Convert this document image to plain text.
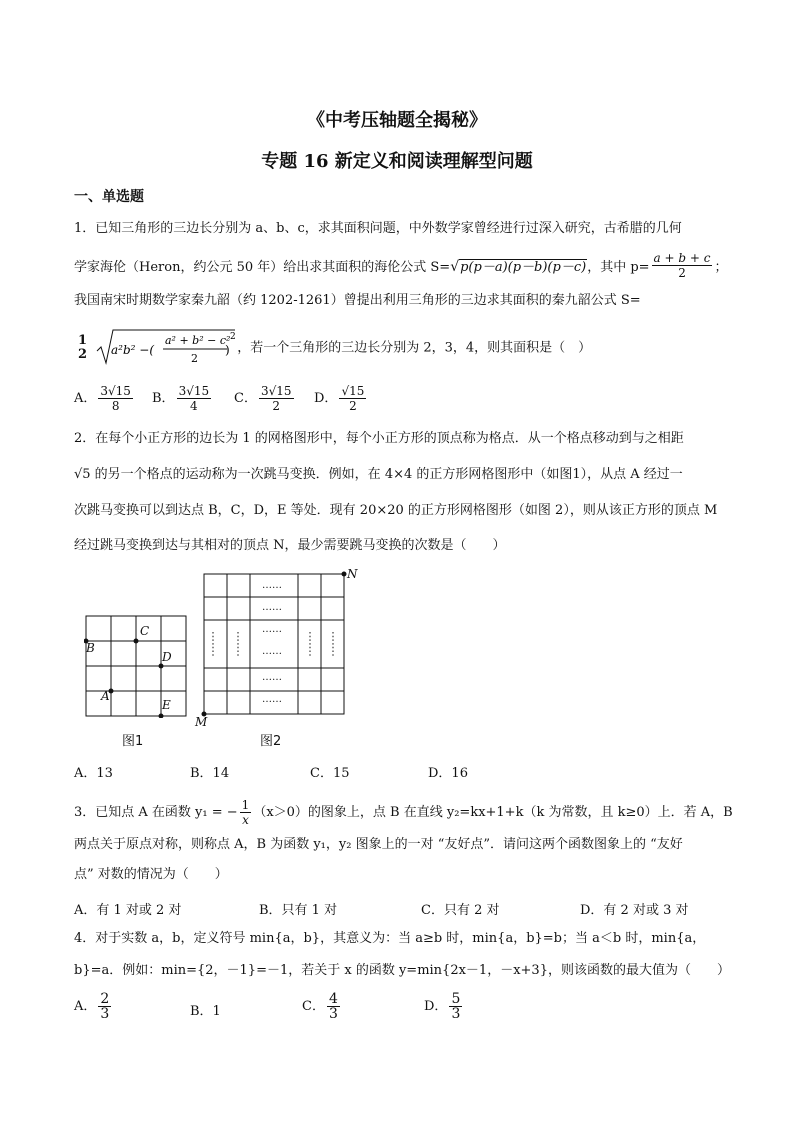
《中考压轴题全揭秘》
专题 16 新定义和阅读理解型问题
一、单选题
1．已知三角形的三边长分别为 a、b、c，求其面积问题，中外数学家曾经进行过深入研究，古希腊的几何
学家海伦（Heron，约公元 50 年）给出求其面积的海伦公式 S=√p(p－a)(p－b)(p－c)，其中 $p= \frac{a + b + c}{2}$ ；
我国南宋时期数学家秦九韶（约 1202-1261）曾提出利用三角形的三边求其面积的秦九韶公式 S=
1
2
a²b² −(
a² + b² − c²
2
)
2
，若一个三角形的三边长分别为 2，3，4，则其面积是（　）
A． $\frac{3√15}{8}$ B． $\frac{3√15}{4}$ C． $\frac{3√15}{2}$ D． $\frac{√15}{2}$
2．在每个小正方形的边长为 1 的网格图形中，每个小正方形的顶点称为格点．从一个格点移动到与之相距
√5 的另一个格点的运动称为一次跳马变换．例如，在 4×4 的正方形网格图形中（如图1），从点 A 经过一
次跳马变换可以到达点 B，C，D，E 等处．现有 20×20 的正方形网格图形（如图 2），则从该正方形的顶点 M
经过跳马变换到达与其相对的顶点 N，最少需要跳马变换的次数是（　　）
A
B
C
D
E
图1
……
……
……
……
……
……
M
N
图2
A．13	B．14	C．15	D．16
3．已知点 A 在函数 y₁ = − $\frac{1}{x} (x>0)$的图象上，点 B 在直线 y₂=kx+1+k（k 为常数，且 k≥0）上．若 A，B
两点关于原点对称，则称点 A，B 为函数 y₁，y₂ 图象上的一对 “友好点”．请问这两个函数图象上的 “友好
点” 对数的情况为（　　）
A．有 1 对或 2 对	B．只有 1 对	C．只有 2 对	D．有 2 对或 3 对
4．对于实数 a，b，定义符号 min{a，b}，其意义为：当 a≥b 时，min{a，b}=b；当 a＜b 时，min{a，
b}=a．例如：min={2，－1}=－1，若关于 x 的函数 y=min{2x－1，－x+3}，则该函数的最大值为（　　）
A． $\frac{2}{3}$	B．1	C． $\frac{4}{3}$	D． $\frac{5}{3}$
